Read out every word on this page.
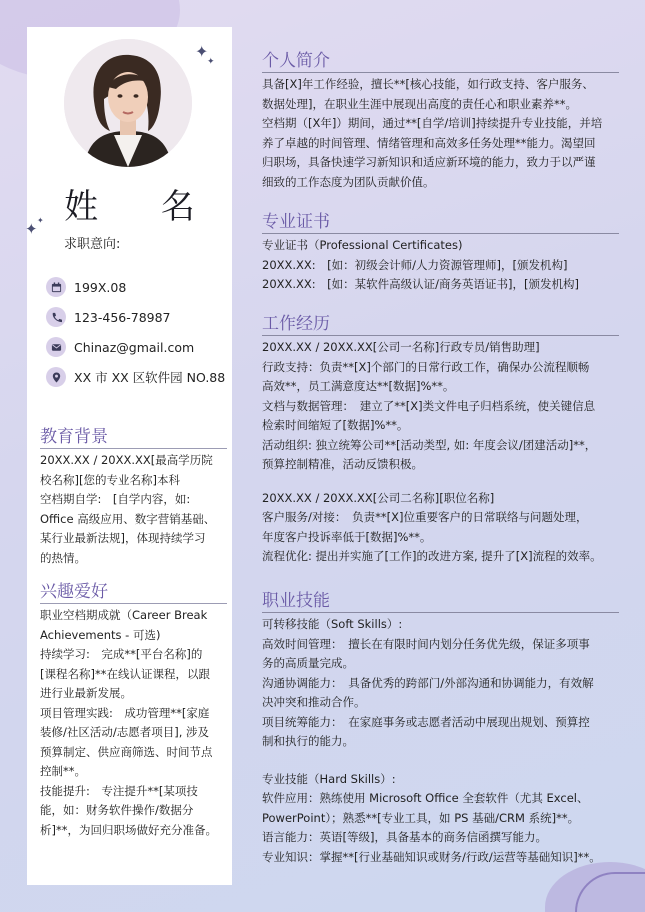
✦
✦
✦ ✦ 姓 名
求职意向:
199X.08
123-456-78987
Chinaz@gmail.com
XX 市 XX 区软件园 NO.88
教育背景
20XX.XX / 20XX.XX[最高学历院
校名称][您的专业名称]本科
空档期自学:　[自学内容，如:
Office 高级应用、数字营销基础、
某行业最新法规]，体现持续学习
的热情。
兴趣爱好
职业空档期成就（Career Break
Achievements - 可选)
持续学习:　完成**[平台名称]的
[课程名称]**在线认证课程，以跟
进行业最新发展。
项目管理实践:　成功管理**[家庭
装修/社区活动/志愿者项目], 涉及
预算制定、供应商筛选、时间节点
控制**。
技能提升:　专注提升**[某项技
能，如：财务软件操作/数据分
析]**，为回归职场做好充分准备。
个人简介
具备[X]年工作经验，擅长**[核心技能，如行政支持、客户服务、
数据处理]，在职业生涯中展现出高度的责任心和职业素养**。
空档期（[X年]）期间，通过**[自学/培训]持续提升专业技能，并培
养了卓越的时间管理、情绪管理和高效多任务处理**能力。渴望回
归职场，具备快速学习新知识和适应新环境的能力，致力于以严谨
细致的工作态度为团队贡献价值。
专业证书
专业证书（Professional Certificates)
20XX.XX:　[如：初级会计师/人力资源管理师]，[颁发机构]
20XX.XX:　[如：某软件高级认证/商务英语证书]，[颁发机构]
工作经历
20XX.XX / 20XX.XX[公司一名称]行政专员/销售助理]
行政支持：负责**[X]个部门的日常行政工作，确保办公流程顺畅
高效**，员工满意度达**[数据]%**。
文档与数据管理：　建立了**[X]类文件电子归档系统，使关键信息
检索时间缩短了[数据]%**。
活动组织: 独立统筹公司**[活动类型, 如: 年度会议/团建活动]**，
预算控制精准，活动反馈积极。
20XX.XX / 20XX.XX[公司二名称][职位名称]
客户服务/对接：　负责**[X]位重要客户的日常联络与问题处理，
年度客户投诉率低于[数据]%**。
流程优化: 提出并实施了[工作]的改进方案, 提升了[X]流程的效率。
职业技能
可转移技能（Soft Skills）:
高效时间管理：　擅长在有限时间内划分任务优先级，保证多项事
务的高质量完成。
沟通协调能力：　具备优秀的跨部门/外部沟通和协调能力，有效解
决冲突和推动合作。
项目统筹能力：　在家庭事务或志愿者活动中展现出规划、预算控
制和执行的能力。
专业技能（Hard Skills）:
软件应用：熟练使用 Microsoft Office 全套软件（尤其 Excel、
PowerPoint）；熟悉**[专业工具，如 PS 基础/CRM 系统]**。
语言能力：英语[等级]，具备基本的商务信函撰写能力。
专业知识：掌握**[行业基础知识或财务/行政/运营等基础知识]**。
